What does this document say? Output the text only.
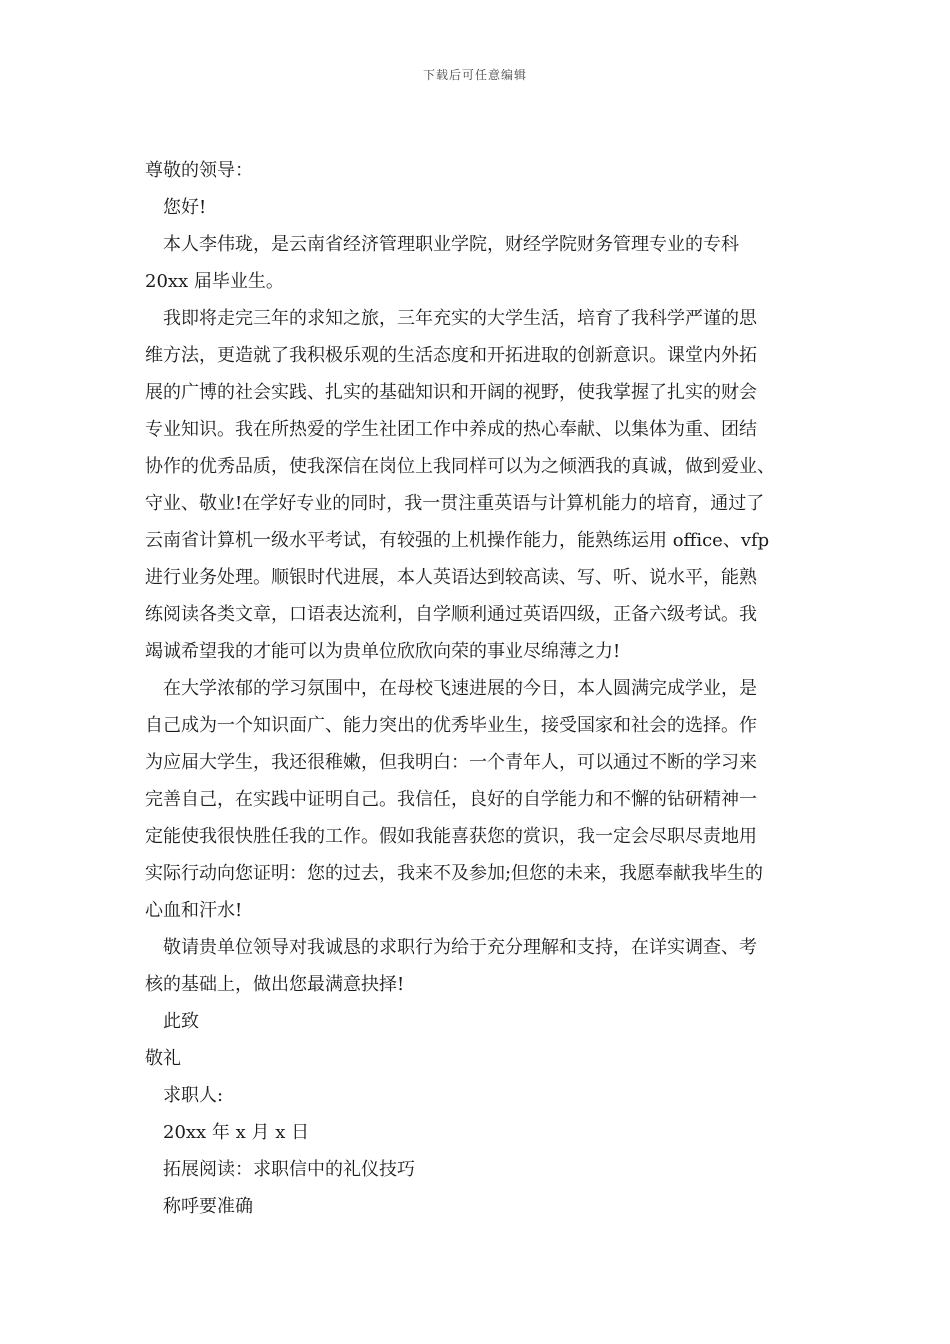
下载后可任意编辑

尊敬的领导：

您好!

本人李伟珑，是云南省经济管理职业学院，财经学院财务管理专业的专科

20xx 届毕业生。

我即将走完三年的求知之旅，三年充实的大学生活，培育了我科学严谨的思

维方法，更造就了我积极乐观的生活态度和开拓进取的创新意识。课堂内外拓

展的广博的社会实践、扎实的基础知识和开阔的视野，使我掌握了扎实的财会

专业知识。我在所热爱的学生社团工作中养成的热心奉献、以集体为重、团结

协作的优秀品质，使我深信在岗位上我同样可以为之倾洒我的真诚，做到爱业、

守业、敬业!在学好专业的同时，我一贯注重英语与计算机能力的培育，通过了

云南省计算机一级水平考试，有较强的上机操作能力，能熟练运用 office、vfp

进行业务处理。顺银时代进展，本人英语达到较高读、写、听、说水平，能熟

练阅读各类文章，口语表达流利，自学顺利通过英语四级，正备六级考试。我

竭诚希望我的才能可以为贵单位欣欣向荣的事业尽绵薄之力!

在大学浓郁的学习氛围中，在母校飞速进展的今日，本人圆满完成学业，是

自己成为一个知识面广、能力突出的优秀毕业生，接受国家和社会的选择。作

为应届大学生，我还很稚嫩，但我明白：一个青年人，可以通过不断的学习来

完善自己，在实践中证明自己。我信任，良好的自学能力和不懈的钻研精神一

定能使我很快胜任我的工作。假如我能喜获您的赏识，我一定会尽职尽责地用

实际行动向您证明：您的过去，我来不及参加;但您的未来，我愿奉献我毕生的

心血和汗水!

敬请贵单位领导对我诚恳的求职行为给于充分理解和支持，在详实调查、考

核的基础上，做出您最满意抉择!

此致

敬礼

求职人:

20xx 年 x 月 x 日

拓展阅读：求职信中的礼仪技巧

称呼要准确
